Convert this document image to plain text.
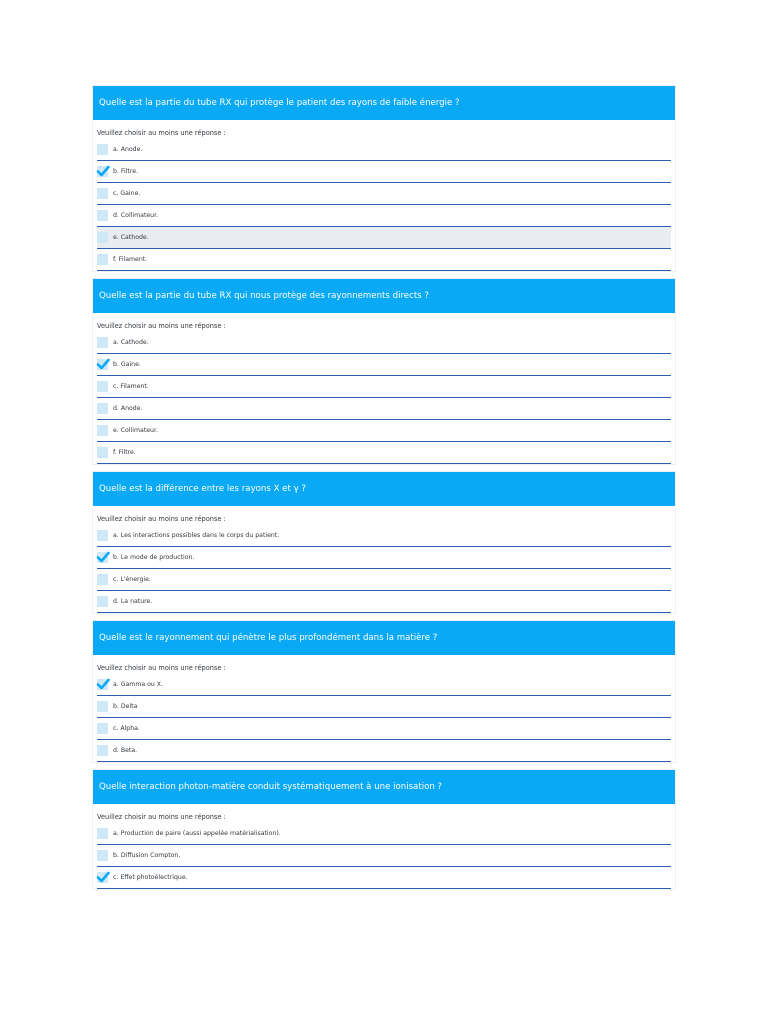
Quelle est la partie du tube RX qui protège le patient des rayons de faible énergie ?
Veuillez choisir au moins une réponse :
a. Anode.
b. Filtre.
c. Gaine.
d. Collimateur.
e. Cathode.
f. Filament.
Quelle est la partie du tube RX qui nous protège des rayonnements directs ?
Veuillez choisir au moins une réponse :
a. Cathode.
b. Gaine.
c. Filament.
d. Anode.
e. Collimateur.
f. Filtre.
Quelle est la différence entre les rayons X et γ ?
Veuillez choisir au moins une réponse :
a. Les interactions possibles dans le corps du patient.
b. Le mode de production.
c. L'énergie.
d. La nature.
Quelle est le rayonnement qui pénètre le plus profondément dans la matière ?
Veuillez choisir au moins une réponse :
a. Gamma ou X.
b. Delta
c. Alpha.
d. Beta.
Quelle interaction photon-matière conduit systématiquement à une ionisation ?
Veuillez choisir au moins une réponse :
a. Production de paire (aussi appelée matérialisation).
b. Diffusion Compton.
c. Effet photoélectrique.
